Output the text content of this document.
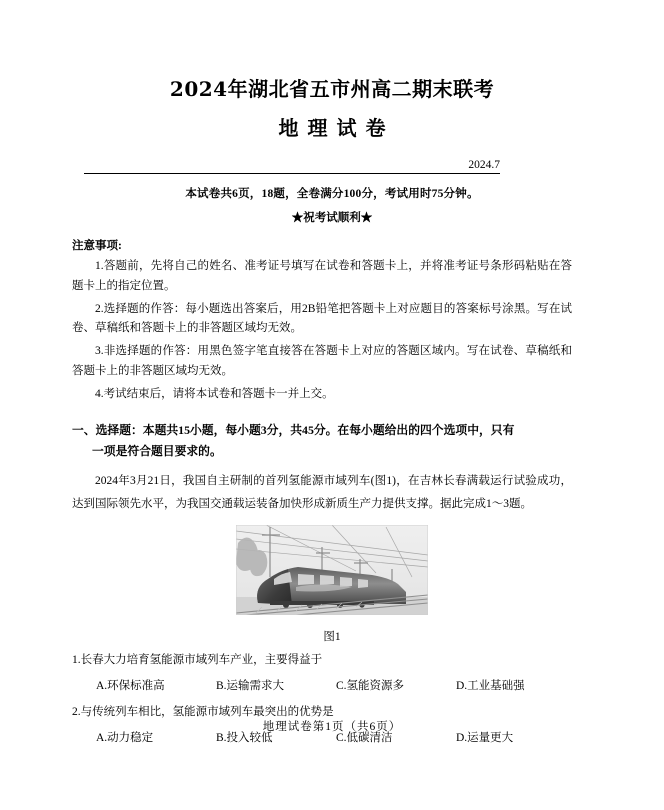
2024年湖北省五市州高二期末联考
地理试卷
2024.7
本试卷共6页，18题，全卷满分100分，考试用时75分钟。
★祝考试顺利★
注意事项:
1.答题前，先将自己的姓名、准考证号填写在试卷和答题卡上，并将准考证号条形码粘贴在答题卡上的指定位置。
2.选择题的作答：每小题选出答案后，用2B铅笔把答题卡上对应题目的答案标号涂黑。写在试卷、草稿纸和答题卡上的非答题区域均无效。
3.非选择题的作答：用黑色签字笔直接答在答题卡上对应的答题区域内。写在试卷、草稿纸和答题卡上的非答题区域均无效。
4.考试结束后，请将本试卷和答题卡一并上交。
一、选择题：本题共15小题，每小题3分，共45分。在每小题给出的四个选项中，只有
一项是符合题目要求的。
2024年3月21日，我国自主研制的首列氢能源市域列车(图1)，在吉林长春满载运行试验成功，达到国际领先水平，为我国交通载运装备加快形成新质生产力提供支撑。据此完成1～3题。
图1
1.长春大力培育氢能源市域列车产业，主要得益于
A.环保标准高	B.运输需求大	C.氢能资源多	D.工业基础强
2.与传统列车相比，氢能源市域列车最突出的优势是
A.动力稳定	B.投入较低	C.低碳清洁	D.运量更大
地理试卷第1页（共6页）
